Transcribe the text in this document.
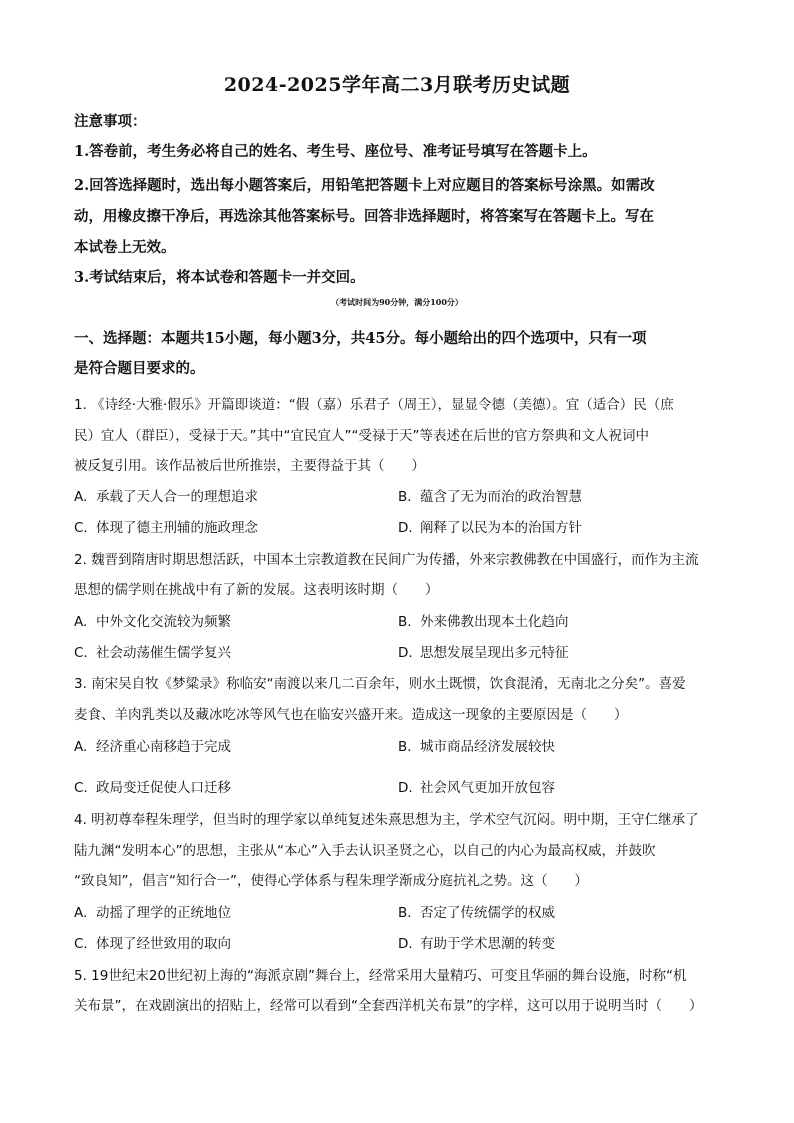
2024-2025学年高二3月联考历史试题
注意事项：
1.答卷前，考生务必将自己的姓名、考生号、座位号、准考证号填写在答题卡上。
2.回答选择题时，选出每小题答案后，用铅笔把答题卡上对应题目的答案标号涂黑。如需改
动，用橡皮擦干净后，再选涂其他答案标号。回答非选择题时，将答案写在答题卡上。写在
本试卷上无效。
3.考试结束后，将本试卷和答题卡一并交回。
（考试时间为90分钟，满分100分）
一、选择题：本题共15小题，每小题3分，共45分。每小题给出的四个选项中，只有一项
是符合题目要求的。
1. 《诗经·大雅·假乐》开篇即谈道：“假（嘉）乐君子（周王），显显令德（美德）。宜（适合）民（庶
民）宜人（群臣），受禄于天。”其中“宜民宜人”“受禄于天”等表述在后世的官方祭典和文人祝词中
被反复引用。该作品被后世所推崇，主要得益于其（　　）
A. 承载了天人合一的理想追求	B. 蕴含了无为而治的政治智慧
C. 体现了德主刑辅的施政理念	D. 阐释了以民为本的治国方针
2. 魏晋到隋唐时期思想活跃，中国本土宗教道教在民间广为传播，外来宗教佛教在中国盛行，而作为主流
思想的儒学则在挑战中有了新的发展。这表明该时期（　　）
A. 中外文化交流较为频繁	B. 外来佛教出现本土化趋向
C. 社会动荡催生儒学复兴	D. 思想发展呈现出多元特征
3. 南宋吴自牧《梦粱录》称临安“南渡以来几二百余年，则水土既惯，饮食混淆，无南北之分矣”。喜爱
麦食、羊肉乳类以及藏冰吃冰等风气也在临安兴盛开来。造成这一现象的主要原因是（　　）
A. 经济重心南移趋于完成	B. 城市商品经济发展较快
C. 政局变迁促使人口迁移	D. 社会风气更加开放包容
4. 明初尊奉程朱理学，但当时的理学家以单纯复述朱熹思想为主，学术空气沉闷。明中期，王守仁继承了
陆九渊“发明本心”的思想，主张从“本心”入手去认识圣贤之心，以自己的内心为最高权威，并鼓吹
“致良知”，倡言“知行合一”，使得心学体系与程朱理学渐成分庭抗礼之势。这（　　）
A. 动摇了理学的正统地位	B. 否定了传统儒学的权威
C. 体现了经世致用的取向	D. 有助于学术思潮的转变
5. 19世纪末20世纪初上海的“海派京剧”舞台上，经常采用大量精巧、可变且华丽的舞台设施，时称“机
关布景”，在戏剧演出的招贴上，经常可以看到“全套西洋机关布景”的字样，这可以用于说明当时（　　）
